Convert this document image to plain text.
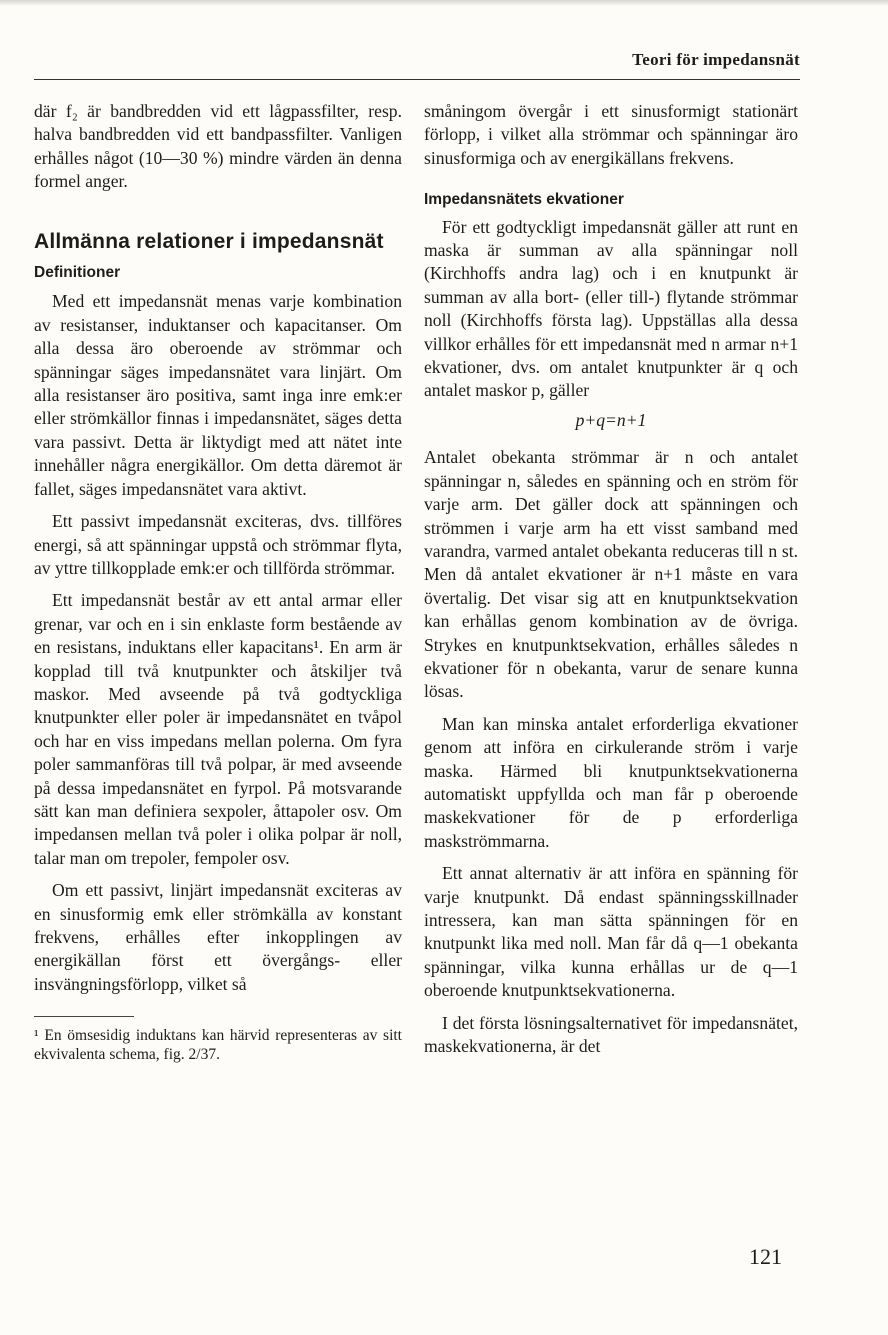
Teori för impedansnät

där f₂ är bandbredden vid ett lågpassfilter, resp. halva bandbredden vid ett bandpassfilter. Vanligen erhålles något (10—30 %) mindre värden än denna formel anger.

Allmänna relationer i impedansnät
Definitioner

Med ett impedansnät menas varje kombination av resistanser, induktanser och kapacitanser. Om alla dessa äro oberoende av strömmar och spänningar säges impedansnätet vara linjärt. Om alla resistanser äro positiva, samt inga inre emk:er eller strömkällor finnas i impedansnätet, säges detta vara passivt. Detta är liktydigt med att nätet inte innehåller några energikällor. Om detta däremot är fallet, säges impedansnätet vara aktivt.

Ett passivt impedansnät exciteras, dvs. tillföres energi, så att spänningar uppstå och strömmar flyta, av yttre tillkopplade emk:er och tillförda strömmar.

Ett impedansnät består av ett antal armar eller grenar, var och en i sin enklaste form bestående av en resistans, induktans eller kapacitans¹. En arm är kopplad till två knutpunkter och åtskiljer två maskor. Med avseende på två godtyckliga knutpunkter eller poler är impedansnätet en tvåpol och har en viss impedans mellan polerna. Om fyra poler sammanföras till två polpar, är med avseende på dessa impedansnätet en fyrpol. På motsvarande sätt kan man definiera sexpoler, åttapoler osv. Om impedansen mellan två poler i olika polpar är noll, talar man om trepoler, fempoler osv.

Om ett passivt, linjärt impedansnät exciteras av en sinusformig emk eller strömkälla av konstant frekvens, erhålles efter inkopplingen av energikällan först ett övergångs- eller insvängningsförlopp, vilket så

¹ En ömsesidig induktans kan härvid representeras av sitt ekvivalenta schema, fig. 2/37.

småningom övergår i ett sinusformigt stationärt förlopp, i vilket alla strömmar och spänningar äro sinusformiga och av energikällans frekvens.

Impedansnätets ekvationer

För ett godtyckligt impedansnät gäller att runt en maska är summan av alla spänningar noll (Kirchhoffs andra lag) och i en knutpunkt är summan av alla bort- (eller till-) flytande strömmar noll (Kirchhoffs första lag). Uppställas alla dessa villkor erhålles för ett impedansnät med n armar n+1 ekvationer, dvs. om antalet knutpunkter är q och antalet maskor p, gäller

p+q=n+1

Antalet obekanta strömmar är n och antalet spänningar n, således en spänning och en ström för varje arm. Det gäller dock att spänningen och strömmen i varje arm ha ett visst samband med varandra, varmed antalet obekanta reduceras till n st. Men då antalet ekvationer är n+1 måste en vara övertalig. Det visar sig att en knutpunktsekvation kan erhållas genom kombination av de övriga. Strykes en knutpunktsekvation, erhålles således n ekvationer för n obekanta, varur de senare kunna lösas.

Man kan minska antalet erforderliga ekvationer genom att införa en cirkulerande ström i varje maska. Härmed bli knutpunktsekvationerna automatiskt uppfyllda och man får p oberoende maskekvationer för de p erforderliga maskströmmarna.

Ett annat alternativ är att införa en spänning för varje knutpunkt. Då endast spänningsskillnader intressera, kan man sätta spänningen för en knutpunkt lika med noll. Man får då q—1 obekanta spänningar, vilka kunna erhållas ur de q—1 oberoende knutpunktsekvationerna.

I det första lösningsalternativet för impedansnätet, maskekvationerna, är det

121
